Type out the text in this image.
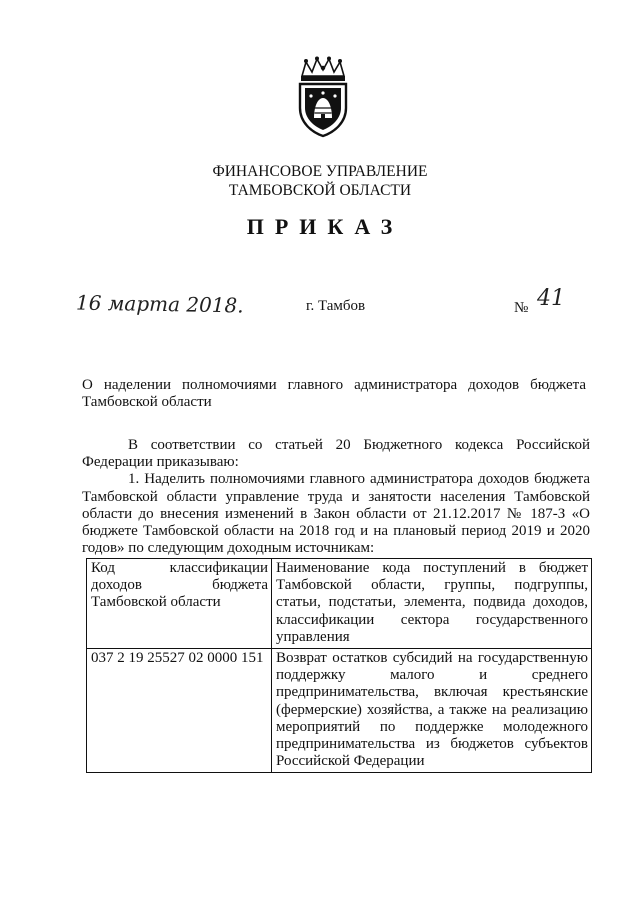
ФИНАНСОВОЕ УПРАВЛЕНИЕ
ТАМБОВСКОЙ ОБЛАСТИ
ПРИКАЗ
16 марта 2018.	г. Тамбов	№ 41
О наделении полномочиями главного администратора доходов бюджета Тамбовской области

В соответствии со статьей 20 Бюджетного кодекса Российской Федерации приказываю:

1. Наделить полномочиями главного администратора доходов бюджета Тамбовской области управление труда и занятости населения Тамбовской области до внесения изменений в Закон области от 21.12.2017 № 187-З «О бюджете Тамбовской области на 2018 год и на плановый период 2019 и 2020 годов» по следующим доходным источникам:

Код классификации доходов бюджета Тамбовской области	Наименование кода поступлений в бюджет Тамбовской области, группы, подгруппы, статьи, подстатьи, элемента, подвида доходов, классификации сектора государственного управления
037 2 19 25527 02 0000 151	Возврат остатков субсидий на государственную поддержку малого и среднего предпринимательства, включая крестьянские (фермерские) хозяйства, а также на реализацию мероприятий по поддержке молодежного предпринимательства из бюджетов субъектов Российской Федерации
